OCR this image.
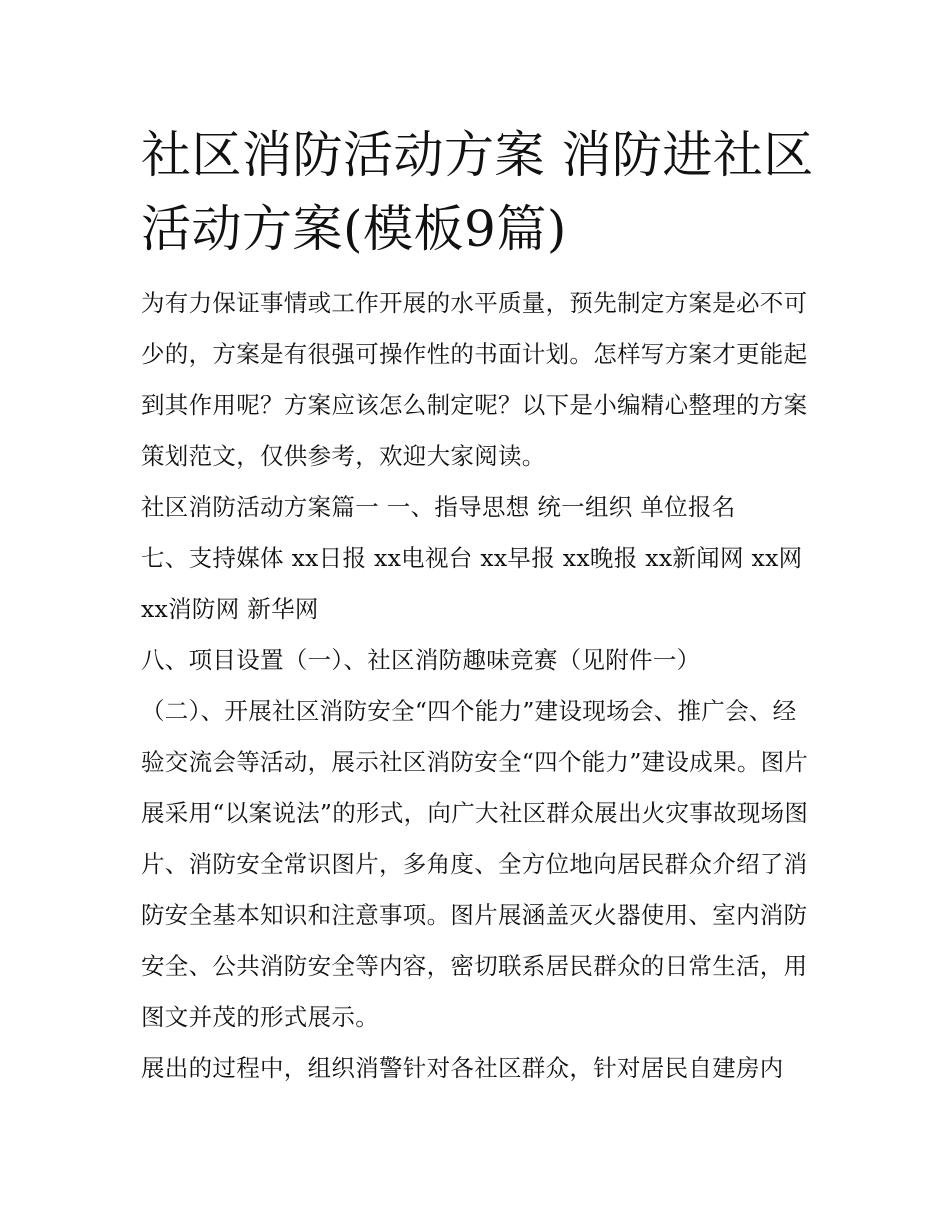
社区消防活动方案 消防进社区活动方案(模板9篇)

为有力保证事情或工作开展的水平质量，预先制定方案是必不可少的，方案是有很强可操作性的书面计划。怎样写方案才更能起到其作用呢？方案应该怎么制定呢？以下是小编精心整理的方案策划范文，仅供参考，欢迎大家阅读。

社区消防活动方案篇一 一、指导思想 统一组织 单位报名

七、支持媒体 xx日报 xx电视台 xx早报 xx晚报 xx新闻网 xx网 xx消防网 新华网

八、项目设置（一）、社区消防趣味竞赛（见附件一）

（二）、开展社区消防安全“四个能力”建设现场会、推广会、经验交流会等活动，展示社区消防安全“四个能力”建设成果。图片展采用“以案说法”的形式，向广大社区群众展出火灾事故现场图片、消防安全常识图片，多角度、全方位地向居民群众介绍了消防安全基本知识和注意事项。图片展涵盖灭火器使用、室内消防安全、公共消防安全等内容，密切联系居民群众的日常生活，用图文并茂的形式展示。

展出的过程中，组织消警针对各社区群众，针对居民自建房内
